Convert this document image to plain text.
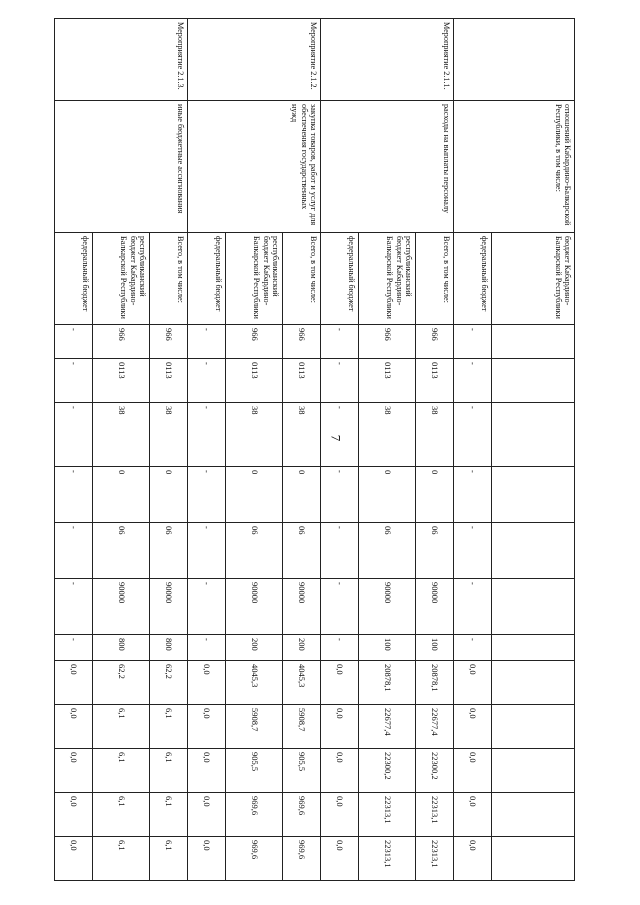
7
	отношений Кабардино-Балкарской Республики, в том числе:	бюджет Кабардино-Балкарской Республики												
		федеральный бюджет	-	-	-	-	-	-	-	0,0	0,0	0,0	0,0	0,0
Мероприятие 2.1.1.	расходы на выплаты персоналу	Всего, в том числе:	966	0113	38	0	06	90000	100	20878,1	22677,4	22300,2	22313,1	22313,1
		республиканский бюджет Кабардино-Балкарской Республики	966	0113	38	0	06	90000	100	20878,1	22677,4	22300,2	22313,1	22313,1
		федеральный бюджет	-	-	-	-	-	-	-	0,0	0,0	0,0	0,0	0,0
Мероприятие 2.1.2.	закупка товаров, работ и услуг для обеспечения государственных нужд	Всего, в том числе:	966	0113	38	0	06	90000	200	4045,3	5908,7	905,5	969,6	969,6
		республиканский бюджет Кабардино-Балкарской Республики	966	0113	38	0	06	90000	200	4045,3	5908,7	905,5	969,6	969,6
		федеральный бюджет	-	-	-	-	-	-	-	0,0	0,0	0,0	0,0	0,0
Мероприятие 2.1.3.	иные бюджетные ассигнования	Всего, в том числе:	966	0113	38	0	06	90000	800	62,2	6,1	6,1	6,1	6,1
		республиканский бюджет Кабардино-Балкарской Республики	966	0113	38	0	06	90000	800	62,2	6,1	6,1	6,1	6,1
		федеральный бюджет	-	-	-	-	-	-	-	0,0	0,0	0,0	0,0	0,0
